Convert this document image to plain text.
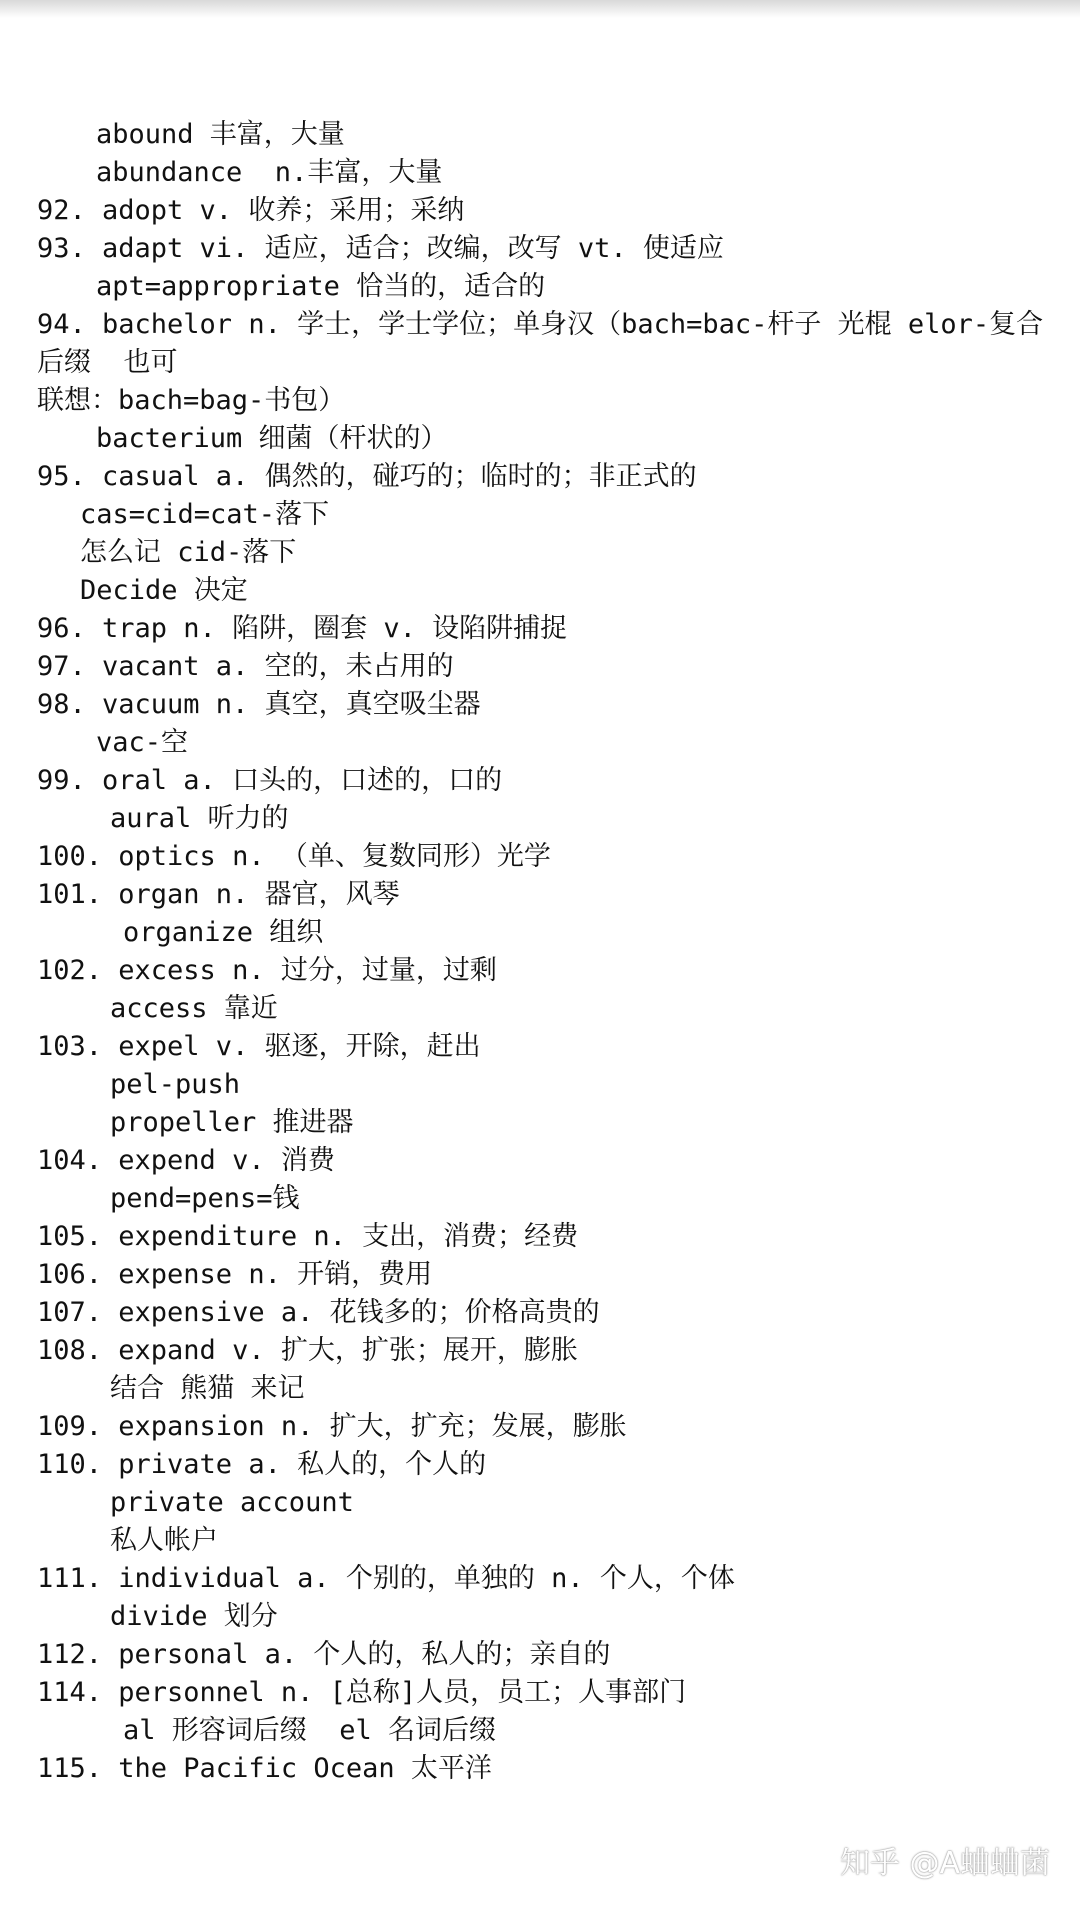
abound 丰富，大量
abundance  n.丰富，大量
92. adopt v. 收养；采用；采纳
93. adapt vi. 适应，适合；改编，改写 vt. 使适应
apt=appropriate 恰当的，适合的
94. bachelor n. 学士，学士学位；单身汉（bach=bac-杆子 光棍 elor-复合
后缀  也可
联想：bach=bag-书包）
bacterium 细菌（杆状的）
95. casual a. 偶然的，碰巧的；临时的；非正式的
cas=cid=cat-落下
怎么记 cid-落下
Decide 决定
96. trap n. 陷阱，圈套 v. 设陷阱捕捉
97. vacant a. 空的，未占用的
98. vacuum n. 真空，真空吸尘器
vac-空
99. oral a. 口头的，口述的，口的
aural 听力的
100. optics n. （单、复数同形）光学
101. organ n. 器官，风琴
organize 组织
102. excess n. 过分，过量，过剩
access 靠近
103. expel v. 驱逐，开除，赶出
pel-push
propeller 推进器
104. expend v. 消费
pend=pens=钱
105. expenditure n. 支出，消费；经费
106. expense n. 开销，费用
107. expensive a. 花钱多的；价格高贵的
108. expand v. 扩大，扩张；展开，膨胀
结合 熊猫 来记
109. expansion n. 扩大，扩充；发展，膨胀
110. private a. 私人的，个人的
private account
私人帐户
111. individual a. 个别的，单独的 n. 个人，个体
divide 划分
112. personal a. 个人的，私人的；亲自的
114. personnel n. [总称]人员，员工；人事部门
al 形容词后缀  el 名词后缀
115. the Pacific Ocean 太平洋
知乎 @A蛐蛐菌
